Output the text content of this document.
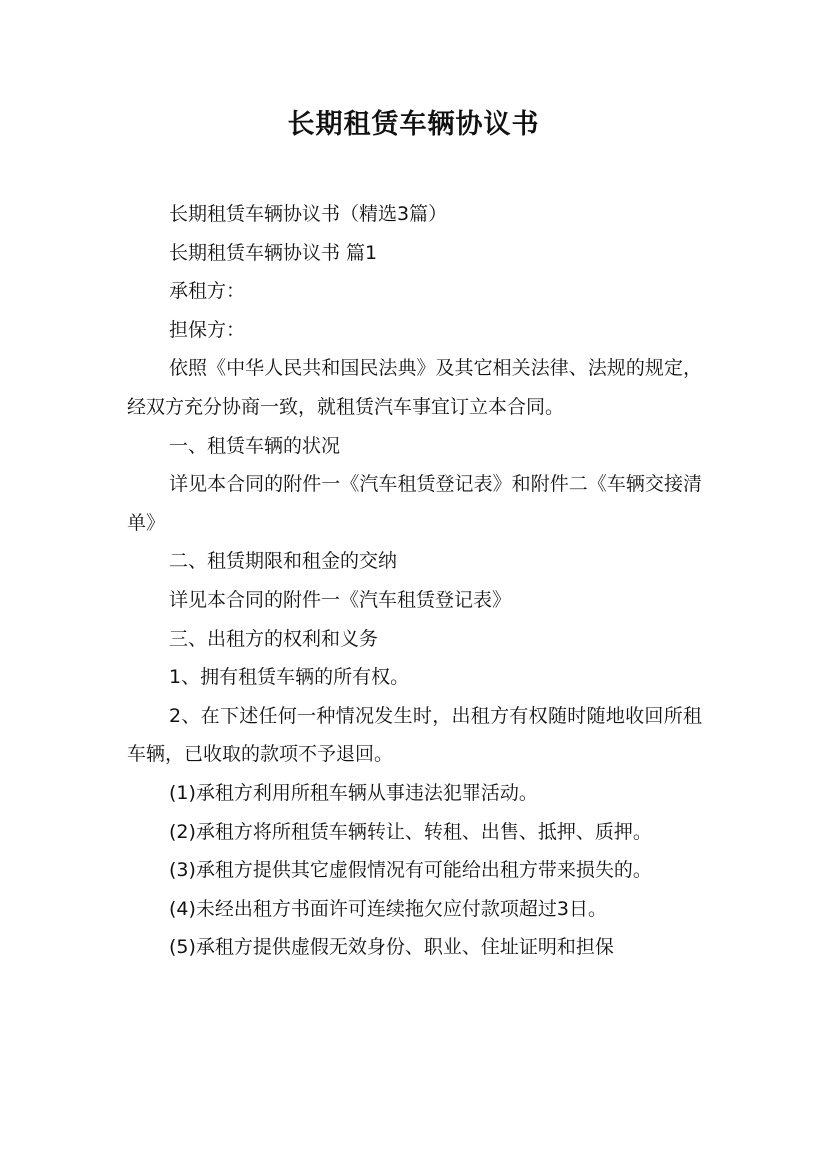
长期租赁车辆协议书

长期租赁车辆协议书（精选3篇）

长期租赁车辆协议书 篇1

承租方：

担保方：

依照《中华人民共和国民法典》及其它相关法律、法规的规定，经双方充分协商一致，就租赁汽车事宜订立本合同。

一、租赁车辆的状况

详见本合同的附件一《汽车租赁登记表》和附件二《车辆交接清单》

二、租赁期限和租金的交纳

详见本合同的附件一《汽车租赁登记表》

三、出租方的权利和义务

1、拥有租赁车辆的所有权。

2、在下述任何一种情况发生时，出租方有权随时随地收回所租车辆，已收取的款项不予退回。

(1)承租方利用所租车辆从事违法犯罪活动。

(2)承租方将所租赁车辆转让、转租、出售、抵押、质押。

(3)承租方提供其它虚假情况有可能给出租方带来损失的。

(4)未经出租方书面许可连续拖欠应付款项超过3日。

(5)承租方提供虚假无效身份、职业、住址证明和担保
